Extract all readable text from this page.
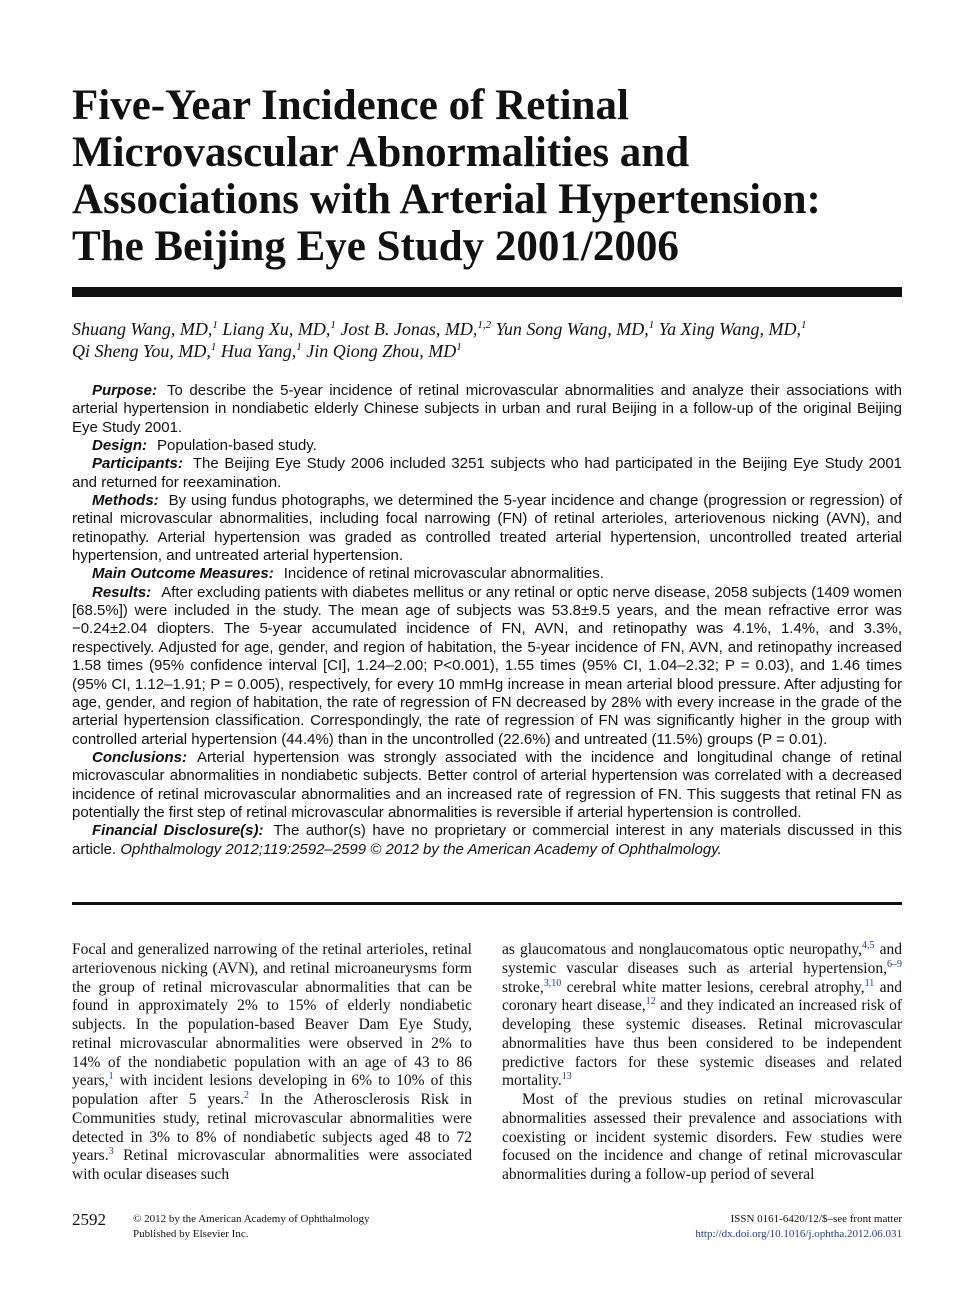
Five-Year Incidence of Retinal
Microvascular Abnormalities and
Associations with Arterial Hypertension:
The Beijing Eye Study 2001/2006
Shuang Wang, MD,$^1$ Liang Xu, MD,$^1$ Jost B. Jonas, MD,$^{1,2}$ Yun Song Wang, MD,$^1$ Ya Xing Wang, MD,$^1$
Qi Sheng You, MD,$^1$ Hua Yang,$^1$ Jin Qiong Zhou, $MD^1$

Purpose: To describe the 5-year incidence of retinal microvascular abnormalities and analyze their associations with arterial hypertension in nondiabetic elderly Chinese subjects in urban and rural Beijing in a follow-up of the original Beijing Eye Study 2001.

Design: Population-based study.

Participants: The Beijing Eye Study 2006 included 3251 subjects who had participated in the Beijing Eye Study 2001 and returned for reexamination.

Methods: By using fundus photographs, we determined the 5-year incidence and change (progression or regression) of retinal microvascular abnormalities, including focal narrowing (FN) of retinal arterioles, arteriovenous nicking (AVN), and retinopathy. Arterial hypertension was graded as controlled treated arterial hypertension, uncontrolled treated arterial hypertension, and untreated arterial hypertension.

Main Outcome Measures: Incidence of retinal microvascular abnormalities.

Results: After excluding patients with diabetes mellitus or any retinal or optic nerve disease, 2058 subjects (1409 women [68.5%]) were included in the study. The mean age of subjects was 53.8±9.5 years, and the mean refractive error was −0.24±2.04 diopters. The 5-year accumulated incidence of FN, AVN, and retinopathy was 4.1%, 1.4%, and 3.3%, respectively. Adjusted for age, gender, and region of habitation, the 5-year incidence of FN, AVN, and retinopathy increased 1.58 times (95% confidence interval [CI], 1.24–2.00; P<0.001), 1.55 times (95% CI, 1.04–2.32; P = 0.03), and 1.46 times (95% CI, 1.12–1.91; P = 0.005), respectively, for every 10 mmHg increase in mean arterial blood pressure. After adjusting for age, gender, and region of habitation, the rate of regression of FN decreased by 28% with every increase in the grade of the arterial hypertension classification. Correspondingly, the rate of regression of FN was significantly higher in the group with controlled arterial hypertension (44.4%) than in the uncontrolled (22.6%) and untreated (11.5%) groups (P = 0.01).

Conclusions: Arterial hypertension was strongly associated with the incidence and longitudinal change of retinal microvascular abnormalities in nondiabetic subjects. Better control of arterial hypertension was correlated with a decreased incidence of retinal microvascular abnormalities and an increased rate of regression of FN. This suggests that retinal FN as potentially the first step of retinal microvascular abnormalities is reversible if arterial hypertension is controlled.

Financial Disclosure(s): The author(s) have no proprietary or commercial interest in any materials discussed in this article. Ophthalmology 2012;119:2592–2599 © 2012 by the American Academy of Ophthalmology.

Focal and generalized narrowing of the retinal arterioles, retinal arteriovenous nicking (AVN), and retinal microaneurysms form the group of retinal microvascular abnormalities that can be found in approximately 2% to 15% of elderly nondiabetic subjects. In the population-based Beaver Dam Eye Study, retinal microvascular abnormalities were observed in 2% to 14% of the nondiabetic population with an age of 43 to 86 years,$^1$ with incident lesions developing in 6% to 10% of this population after 5 years.$^2$ In the Atherosclerosis Risk in Communities study, retinal microvascular abnormalities were detected in 3% to 8% of nondiabetic subjects aged 48 to 72 years.$^3$ Retinal microvascular abnormalities were associated with ocular diseases such

as glaucomatous and nonglaucomatous optic neuropathy,$^{4,5}$ and systemic vascular diseases such as arterial hypertension,$^{6-9}$ stroke,$^{3,10}$ cerebral white matter lesions, cerebral atrophy,$^{11}$ and coronary heart disease,$^{12}$ and they indicated an increased risk of developing these systemic diseases. Retinal microvascular abnormalities have thus been considered to be independent predictive factors for these systemic diseases and related mortality.$^{13}$

Most of the previous studies on retinal microvascular abnormalities assessed their prevalence and associations with coexisting or incident systemic disorders. Few studies were focused on the incidence and change of retinal microvascular abnormalities during a follow-up period of several

2592 © 2012 by the American Academy of Ophthalmology
Published by Elsevier Inc.
ISSN 0161-6420/12/$–see front matter
http://dx.doi.org/10.1016/j.ophtha.2012.06.031
